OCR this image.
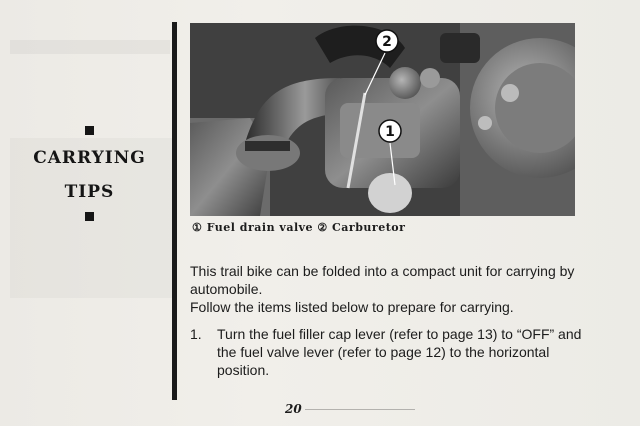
CARRYING
TIPS
2
1
① Fuel drain valve ② Carburetor

This trail bike can be folded into a compact unit for carrying by automobile.

Follow the items listed below to prepare for carrying.

1. Turn the fuel filler cap lever (refer to page 13) to “OFF” and the fuel valve lever (refer to page 12) to the horizontal position.
20
